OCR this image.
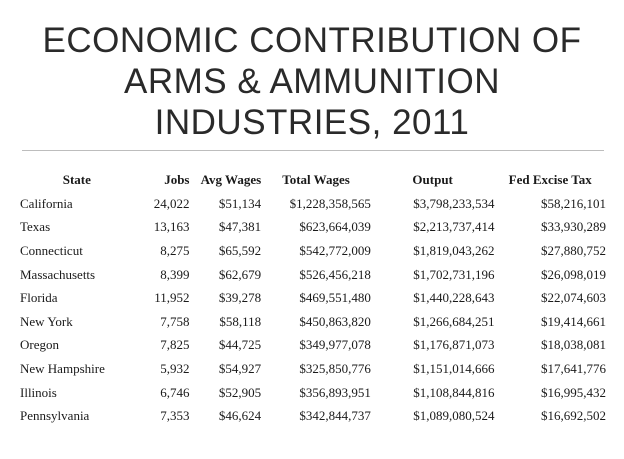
ECONOMIC CONTRIBUTION OF
ARMS & AMMUNITION
INDUSTRIES, 2011
State	Jobs	Avg Wages	Total Wages	Output	Fed Excise Tax
California	24,022	$51,134	$1,228,358,565	$3,798,233,534	$58,216,101
Texas	13,163	$47,381	$623,664,039	$2,213,737,414	$33,930,289
Connecticut	8,275	$65,592	$542,772,009	$1,819,043,262	$27,880,752
Massachusetts	8,399	$62,679	$526,456,218	$1,702,731,196	$26,098,019
Florida	11,952	$39,278	$469,551,480	$1,440,228,643	$22,074,603
New York	7,758	$58,118	$450,863,820	$1,266,684,251	$19,414,661
Oregon	7,825	$44,725	$349,977,078	$1,176,871,073	$18,038,081
New Hampshire	5,932	$54,927	$325,850,776	$1,151,014,666	$17,641,776
Illinois	6,746	$52,905	$356,893,951	$1,108,844,816	$16,995,432
Pennsylvania	7,353	$46,624	$342,844,737	$1,089,080,524	$16,692,502
